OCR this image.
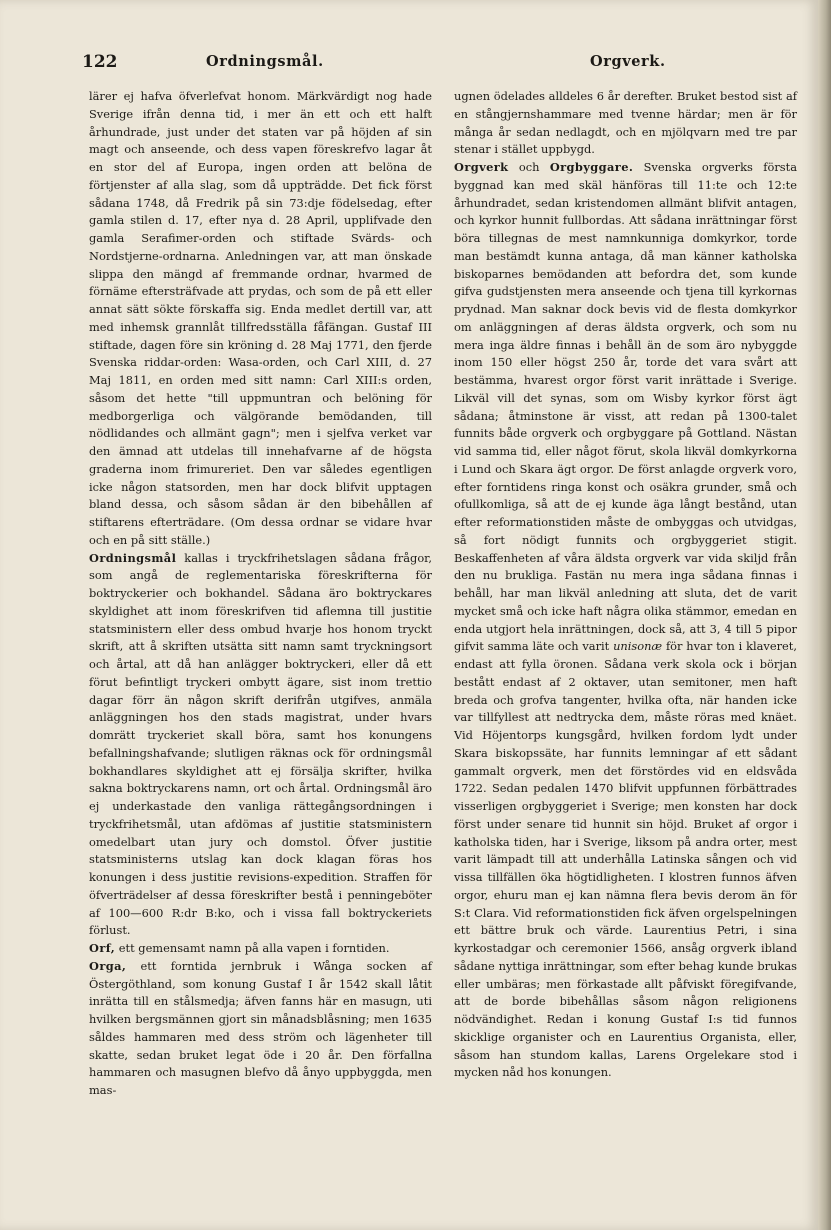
122	Ordningsmål.	Orgverk.

lärer ej hafva öfverlefvat honom. Märkvärdigt nog hade Sverige ifrån denna tid, i mer än ett och ett halft århundrade, just under det staten var på höjden af sin magt och anseende, och dess vapen föreskrefvo lagar åt en stor del af Europa, ingen orden att belöna de förtjenster af alla slag, som då uppträdde. Det fick först sådana 1748, då Fredrik på sin 73:dje födelsedag, efter gamla stilen d. 17, efter nya d. 28 April, upplifvade den gamla Serafimer-orden och stiftade Svärds- och Nordstjerne-ordnarna. Anledningen var, att man önskade slippa den mängd af fremmande ordnar, hvarmed de förnäme eftersträfvade att prydas, och som de på ett eller annat sätt sökte förskaffa sig. Enda medlet dertill var, att med inhemsk grannlåt tillfredsställa fåfängan. Gustaf III stiftade, dagen före sin kröning d. 28 Maj 1771, den fjerde Svenska riddar-orden: Wasa-orden, och Carl XIII, d. 27 Maj 1811, en orden med sitt namn: Carl XIII:s orden, såsom det hette "till uppmuntran och belöning för medborgerliga och välgörande bemödanden, till nödlidandes och allmänt gagn"; men i sjelfva verket var den ämnad att utdelas till innehafvarne af de högsta graderna inom frimureriet. Den var således egentligen icke någon statsorden, men har dock blifvit upptagen bland dessa, och såsom sådan är den bibehållen af stiftarens efterträdare. (Om dessa ordnar se vidare hvar och en på sitt ställe.)

Ordningsmål kallas i tryckfrihetslagen sådana frågor, som angå de reglementariska föreskrifterna för boktryckerier och bokhandel. Sådana äro boktryckares skyldighet att inom föreskrifven tid aflemna till justitie statsministern eller dess ombud hvarje hos honom tryckt skrift, att å skriften utsätta sitt namn samt tryckningsort och årtal, att då han anlägger boktryckeri, eller då ett förut befintligt tryckeri ombytt ägare, sist inom trettio dagar förr än någon skrift derifrån utgifves, anmäla anläggningen hos den stads magistrat, under hvars domrätt tryckeriet skall böra, samt hos konungens befallningshafvande; slutligen räknas ock för ordningsmål bokhandlares skyldighet att ej försälja skrifter, hvilka sakna boktryckarens namn, ort och årtal. Ordningsmål äro ej underkastade den vanliga rättegångsordningen i tryckfrihetsmål, utan afdömas af justitie statsministern omedelbart utan jury och domstol. Öfver justitie statsministerns utslag kan dock klagan föras hos konungen i dess justitie revisions-expedition. Straffen för öfverträdelser af dessa föreskrifter bestå i penningeböter af 100—600 R:dr B:ko, och i vissa fall boktryckeriets förlust.

Orf, ett gemensamt namn på alla vapen i forntiden.

Orga, ett forntida jernbruk i Wånga socken af Östergöthland, som konung Gustaf I år 1542 skall låtit inrätta till en stålsmedja; äfven fanns här en masugn, uti hvilken bergsmännen gjort sin månadsblåsning; men 1635 såldes hammaren med dess ström och lägenheter till skatte, sedan bruket legat öde i 20 år. Den förfallna hammaren och masugnen blefvo då ånyo uppbyggda, men mas-

ugnen ödelades alldeles 6 år derefter. Bruket bestod sist af en stångjernshammare med tvenne härdar; men är för många år sedan nedlagdt, och en mjölqvarn med tre par stenar i stället uppbygd.

Orgverk och Orgbyggare. Svenska orgverks första byggnad kan med skäl hänföras till 11:te och 12:te århundradet, sedan kristendomen allmänt blifvit antagen, och kyrkor hunnit fullbordas. Att sådana inrättningar först böra tillegnas de mest namnkunniga domkyrkor, torde man bestämdt kunna antaga, då man känner katholska biskoparnes bemödanden att befordra det, som kunde gifva gudstjensten mera anseende och tjena till kyrkornas prydnad. Man saknar dock bevis vid de flesta domkyrkor om anläggningen af deras äldsta orgverk, och som nu mera inga äldre finnas i behåll än de som äro nybyggde inom 150 eller högst 250 år, torde det vara svårt att bestämma, hvarest orgor först varit inrättade i Sverige. Likväl vill det synas, som om Wisby kyrkor först ägt sådana; åtminstone är visst, att redan på 1300-talet funnits både orgverk och orgbyggare på Gottland. Nästan vid samma tid, eller något förut, skola likväl domkyrkorna i Lund och Skara ägt orgor. De först anlagde orgverk voro, efter forntidens ringa konst och osäkra grunder, små och ofullkomliga, så att de ej kunde äga långt bestånd, utan efter reformationstiden måste de ombyggas och utvidgas, så fort nödigt funnits och orgbyggeriet stigit. Beskaffenheten af våra äldsta orgverk var vida skiljd från den nu brukliga. Fastän nu mera inga sådana finnas i behåll, har man likväl anledning att sluta, det de varit mycket små och icke haft några olika stämmor, emedan en enda utgjort hela inrättningen, dock så, att 3, 4 till 5 pipor gifvit samma läte och varit unisonæ för hvar ton i klaveret, endast att fylla öronen. Sådana verk skola ock i början bestått endast af 2 oktaver, utan semitoner, men haft breda och grofva tangenter, hvilka ofta, när handen icke var tillfyllest att nedtrycka dem, måste röras med knäet. Vid Höjentorps kungsgård, hvilken fordom lydt under Skara biskopssäte, har funnits lemningar af ett sådant gammalt orgverk, men det förstördes vid en eldsvåda 1722. Sedan pedalen 1470 blifvit uppfunnen förbättrades visserligen orgbyggeriet i Sverige; men konsten har dock först under senare tid hunnit sin höjd. Bruket af orgor i katholska tiden, har i Sverige, liksom på andra orter, mest varit lämpadt till att underhålla Latinska sången och vid vissa tillfällen öka högtidligheten. I klostren funnos äfven orgor, ehuru man ej kan nämna flera bevis derom än för S:t Clara. Vid reformationstiden fick äfven orgelspelningen ett bättre bruk och värde. Laurentius Petri, i sina kyrkostadgar och ceremonier 1566, ansåg orgverk ibland sådane nyttiga inrättningar, som efter behag kunde brukas eller umbäras; men förkastade allt påfviskt föregifvande, att de borde bibehållas såsom någon religionens nödvändighet. Redan i konung Gustaf I:s tid funnos skicklige organister och en Laurentius Organista, eller, såsom han stundom kallas, Larens Orgelekare stod i mycken nåd hos konungen.
